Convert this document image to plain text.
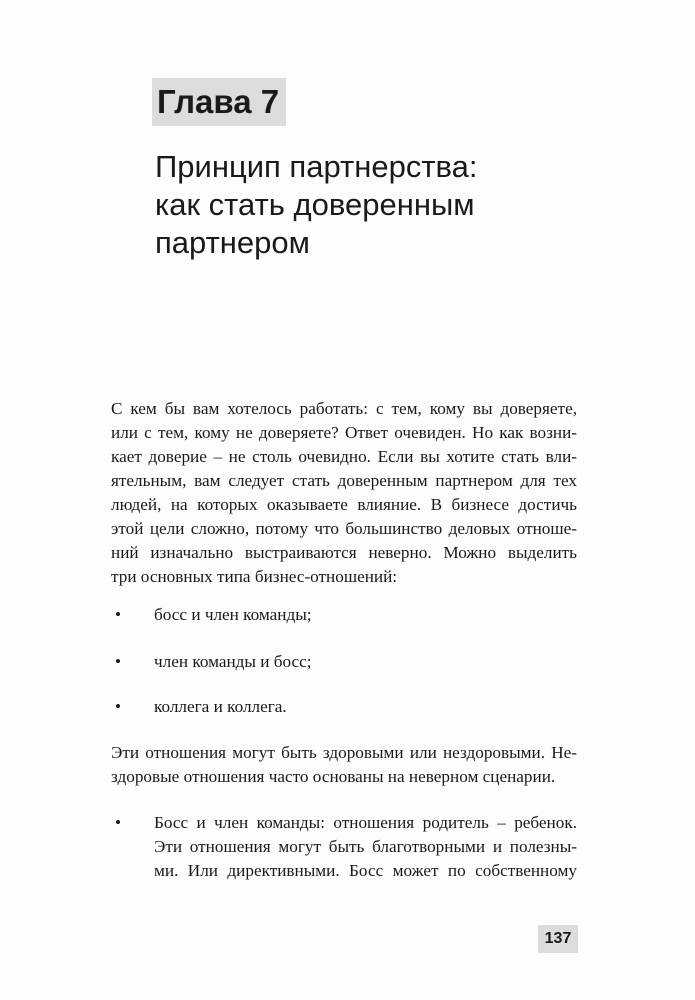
Глава 7
Принцип партнерства:
как стать доверенным
партнером
С кем бы вам хотелось работать: с тем, кому вы доверяете,
или с тем, кому не доверяете? Ответ очевиден. Но как возни-
кает доверие – не столь очевидно. Если вы хотите стать вли-
ятельным, вам следует стать доверенным партнером для тех
людей, на которых оказываете влияние. В бизнесе достичь
этой цели сложно, потому что большинство деловых отноше-
ний изначально выстраиваются неверно. Можно выделить
три основных типа бизнес-отношений:
•	босс и член команды;
•	член команды и босс;
•	коллега и коллега.
Эти отношения могут быть здоровыми или нездоровыми. Не-
здоровые отношения часто основаны на неверном сценарии.
•	Босс и член команды: отношения родитель – ребенок.
Эти отношения могут быть благотворными и полезны-
ми. Или директивными. Босс может по собственному
137
